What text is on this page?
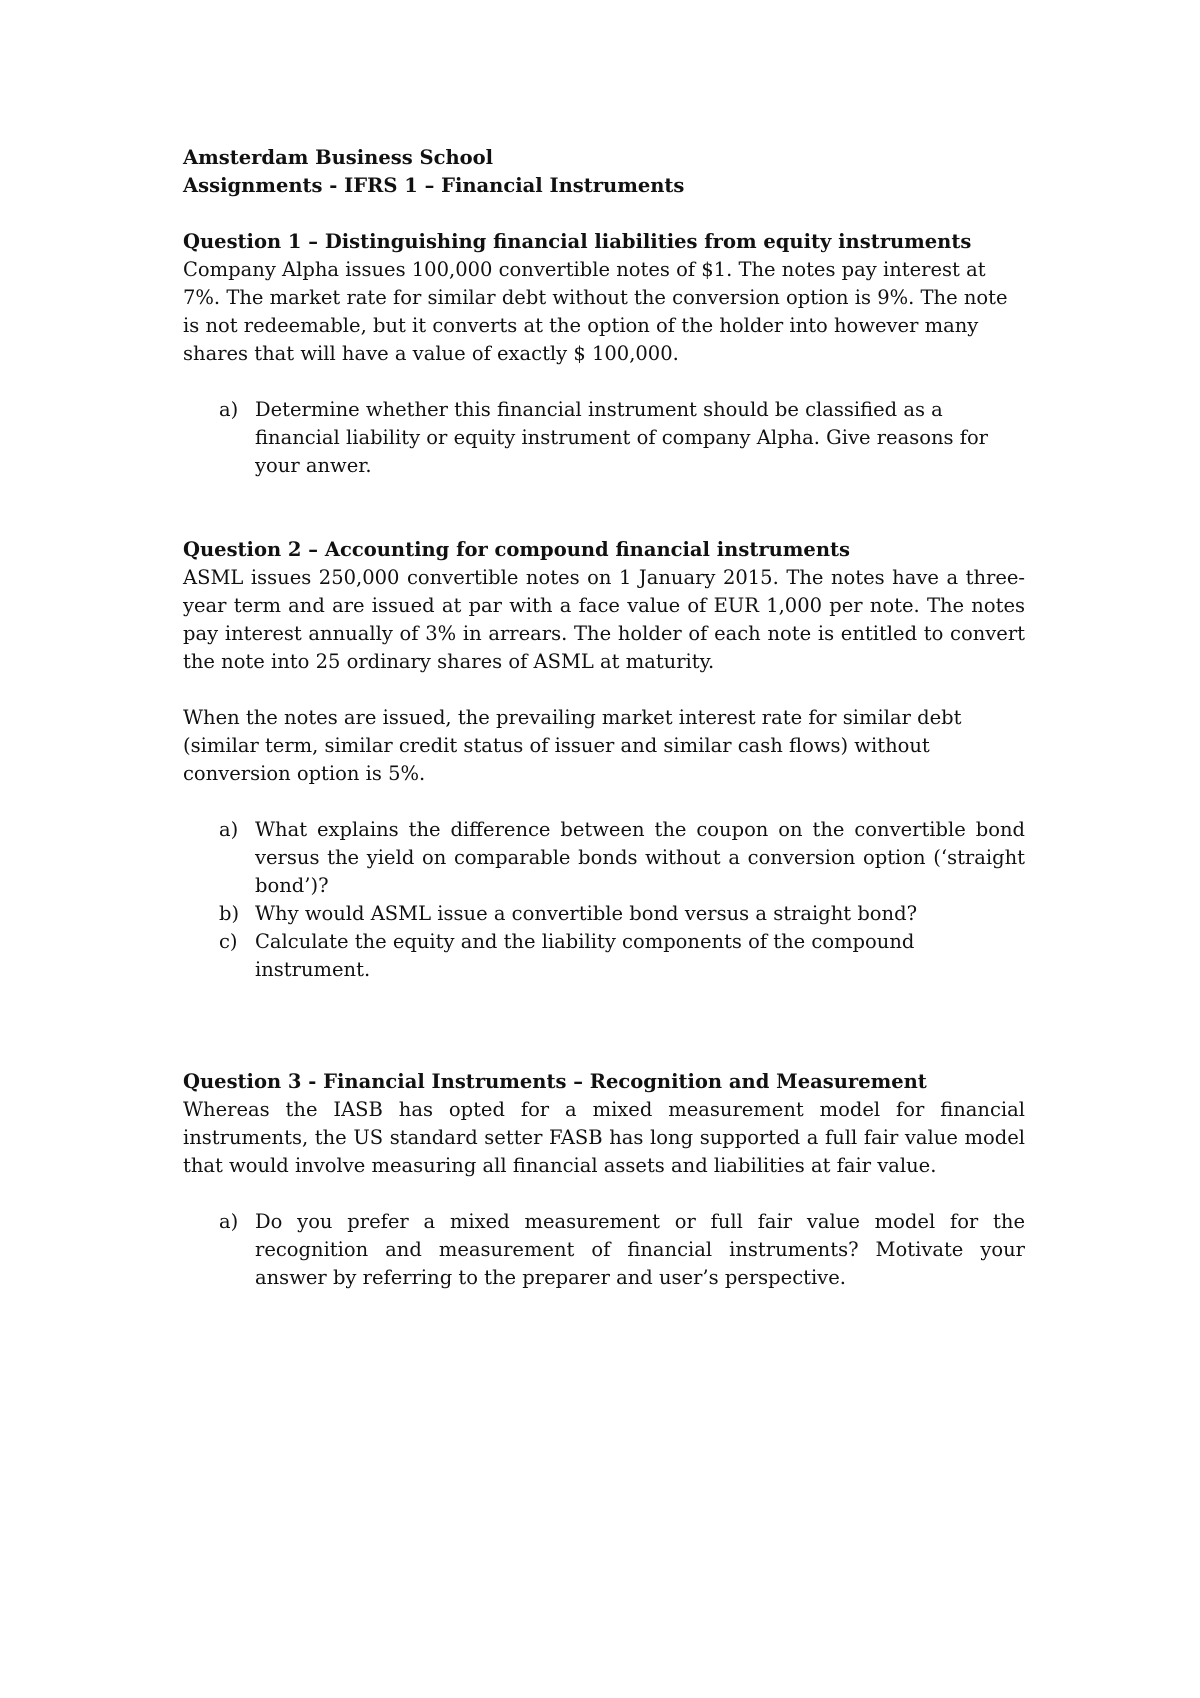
Amsterdam Business School

Assignments - IFRS 1 – Financial Instruments

Question 1 – Distinguishing financial liabilities from equity instruments

Company Alpha issues 100,000 convertible notes of $1. The notes pay interest at 7%. The market rate for similar debt without the conversion option is 9%. The note is not redeemable, but it converts at the option of the holder into however many shares that will have a value of exactly $ 100,000.

a) Determine whether this financial instrument should be classified as a financial liability or equity instrument of company Alpha. Give reasons for your anwer.

Question 2 – Accounting for compound financial instruments

ASML issues 250,000 convertible notes on 1 January 2015. The notes have a three-year term and are issued at par with a face value of EUR 1,000 per note. The notes pay interest annually of 3% in arrears. The holder of each note is entitled to convert the note into 25 ordinary shares of ASML at maturity.

When the notes are issued, the prevailing market interest rate for similar debt (similar term, similar credit status of issuer and similar cash flows) without conversion option is 5%.

a) What explains the difference between the coupon on the convertible bond versus the yield on comparable bonds without a conversion option (‘straight bond’)?
b) Why would ASML issue a convertible bond versus a straight bond?
c) Calculate the equity and the liability components of the compound instrument.

Question 3 - Financial Instruments – Recognition and Measurement

Whereas the IASB has opted for a mixed measurement model for financial instruments, the US standard setter FASB has long supported a full fair value model that would involve measuring all financial assets and liabilities at fair value.

a) Do you prefer a mixed measurement or full fair value model for the recognition and measurement of financial instruments? Motivate your answer by referring to the preparer and user’s perspective.
